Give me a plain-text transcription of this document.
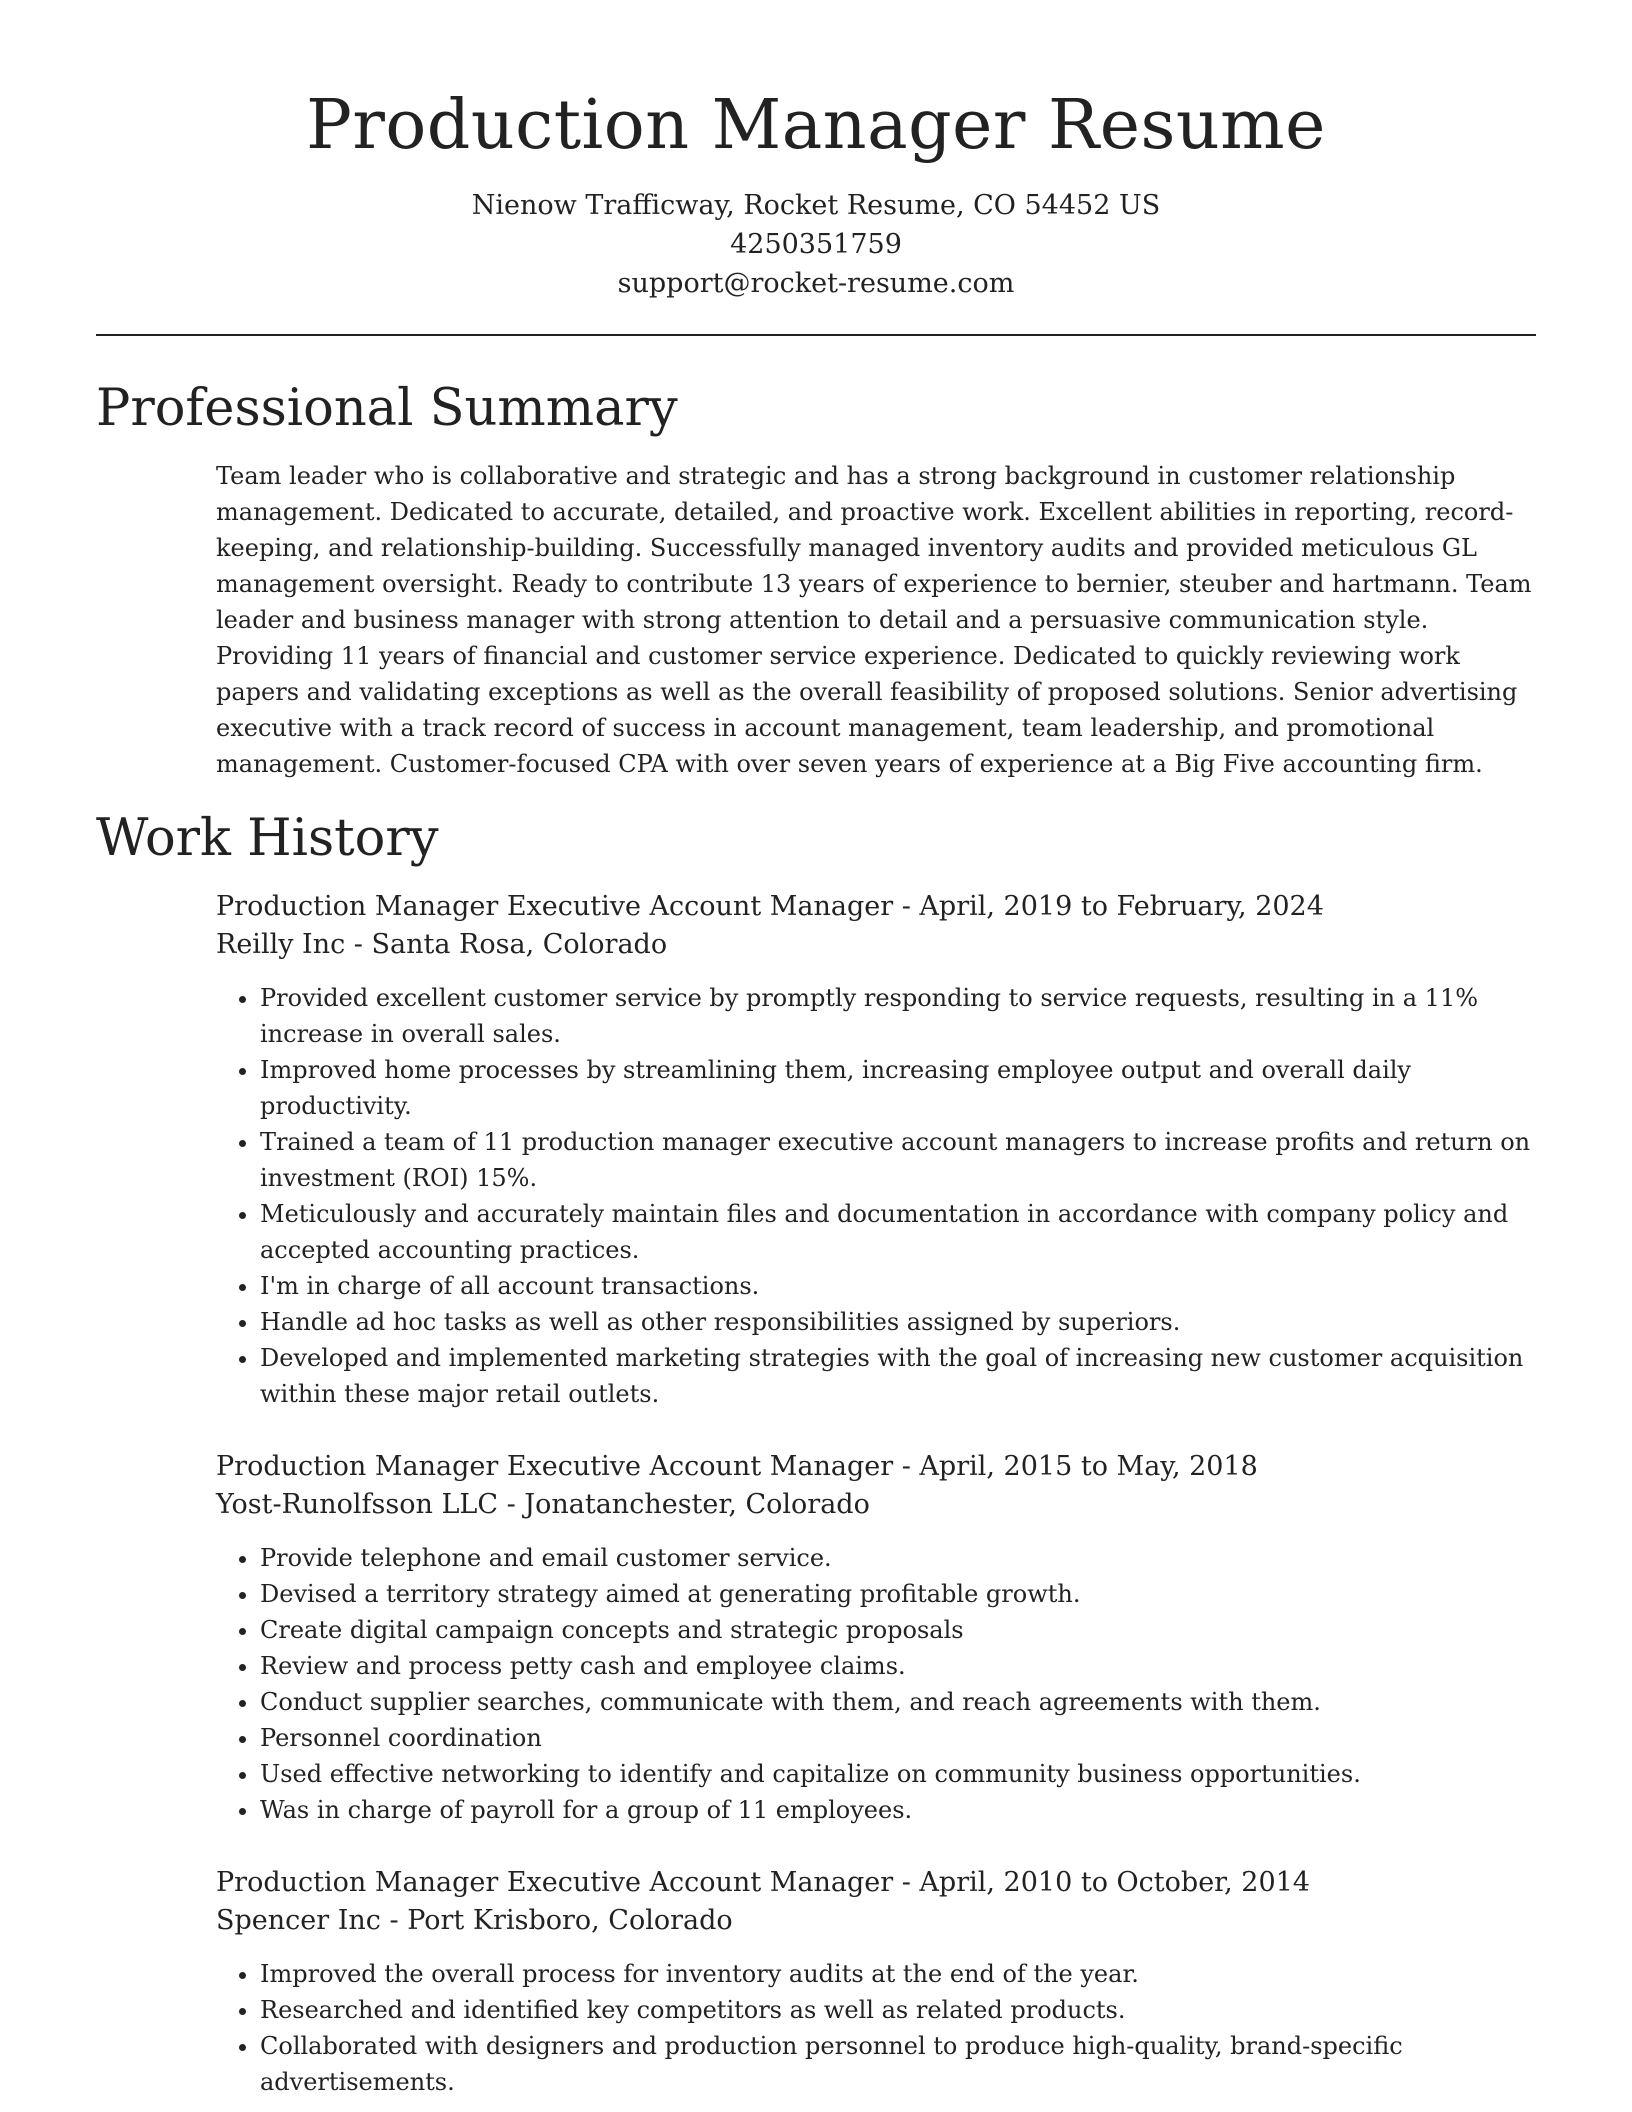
Production Manager Resume
Nienow Trafficway, Rocket Resume, CO 54452 US
4250351759
support@rocket-resume.com
Professional Summary

Team leader who is collaborative and strategic and has a strong background in customer relationship management. Dedicated to accurate, detailed, and proactive work. Excellent abilities in reporting, record-keeping, and relationship-building. Successfully managed inventory audits and provided meticulous GL management oversight. Ready to contribute 13 years of experience to bernier, steuber and hartmann. Team leader and business manager with strong attention to detail and a persuasive communication style. Providing 11 years of financial and customer service experience. Dedicated to quickly reviewing work papers and validating exceptions as well as the overall feasibility of proposed solutions. Senior advertising executive with a track record of success in account management, team leadership, and promotional management. Customer-focused CPA with over seven years of experience at a Big Five accounting firm.

Work History
Production Manager Executive Account Manager - April, 2019 to February, 2024
Reilly Inc - Santa Rosa, Colorado
• Provided excellent customer service by promptly responding to service requests, resulting in a 11% increase in overall sales.
• Improved home processes by streamlining them, increasing employee output and overall daily productivity.
• Trained a team of 11 production manager executive account managers to increase profits and return on investment (ROI) 15%.
• Meticulously and accurately maintain files and documentation in accordance with company policy and accepted accounting practices.
• I'm in charge of all account transactions.
• Handle ad hoc tasks as well as other responsibilities assigned by superiors.
• Developed and implemented marketing strategies with the goal of increasing new customer acquisition within these major retail outlets.
Production Manager Executive Account Manager - April, 2015 to May, 2018
Yost-Runolfsson LLC - Jonatanchester, Colorado
• Provide telephone and email customer service.
• Devised a territory strategy aimed at generating profitable growth.
• Create digital campaign concepts and strategic proposals
• Review and process petty cash and employee claims.
• Conduct supplier searches, communicate with them, and reach agreements with them.
• Personnel coordination
• Used effective networking to identify and capitalize on community business opportunities.
• Was in charge of payroll for a group of 11 employees.
Production Manager Executive Account Manager - April, 2010 to October, 2014
Spencer Inc - Port Krisboro, Colorado
• Improved the overall process for inventory audits at the end of the year.
• Researched and identified key competitors as well as related products.
• Collaborated with designers and production personnel to produce high-quality, brand-specific advertisements.
